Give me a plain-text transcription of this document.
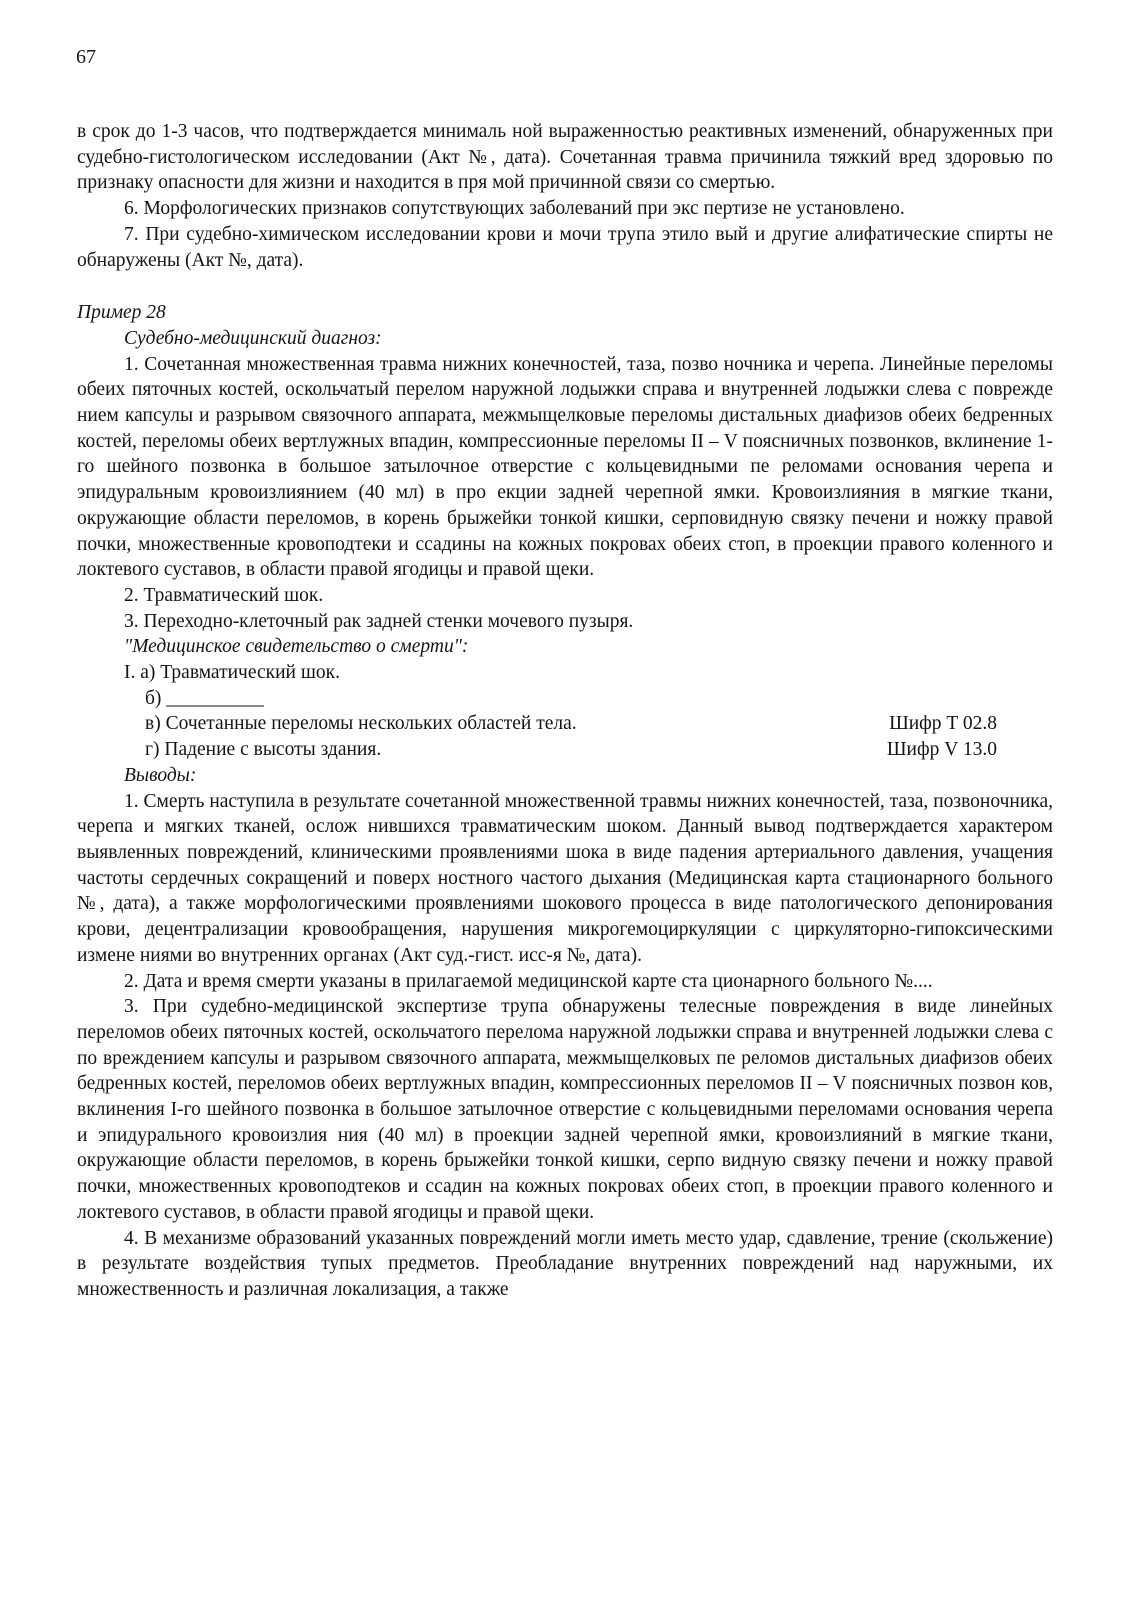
67

в срок до 1-3 часов, что подтверждается минималь ной выраженностью реактивных изменений, обнаруженных при судебно-гистологическом исследовании (Акт №, дата). Сочетанная травма причинила тяжкий вред здоровью по признаку опасности для жизни и находится в пря мой причинной связи со смертью.

6. Морфологических признаков сопутствующих заболеваний при экс пертизе не установлено.

7. При судебно-химическом исследовании крови и мочи трупа этило вый и другие алифатические спирты не обнаружены (Акт №, дата).

Пример 28

Судебно-медицинский диагноз:

1. Сочетанная множественная травма нижних конечностей, таза, позво ночника и черепа. Линейные переломы обеих пяточных костей, оскольчатый перелом наружной лодыжки справа и внутренней лодыжки слева с поврежде нием капсулы и разрывом связочного аппарата, межмыщелковые переломы дистальных диафизов обеих бедренных костей, переломы обеих вертлужных впадин, компрессионные переломы II – V поясничных позвонков, вклинение 1-го шейного позвонка в большое затылочное отверстие с кольцевидными пе реломами основания черепа и эпидуральным кровоизлиянием (40 мл) в про екции задней черепной ямки. Кровоизлияния в мягкие ткани, окружающие области переломов, в корень брыжейки тонкой кишки, серповидную связку печени и ножку правой почки, множественные кровоподтеки и ссадины на кожных покровах обеих стоп, в проекции правого коленного и локтевого суставов, в области правой ягодицы и правой щеки.

2. Травматический шок.

3. Переходно-клеточный рак задней стенки мочевого пузыря.

"Медицинское свидетельство о смерти":

I. а) Травматический шок.

б) __________

в) Сочетанные переломы нескольких областей тела.	Шифр T 02.8
г) Падение с высоты здания.	Шифр V 13.0

Выводы:

1. Смерть наступила в результате сочетанной множественной травмы нижних конечностей, таза, позвоночника, черепа и мягких тканей, ослож нившихся травматическим шоком. Данный вывод подтверждается характером выявленных повреждений, клиническими проявлениями шока в виде падения артериального давления, учащения частоты сердечных сокращений и поверх ностного частого дыхания (Медицинская карта стационарного больного №, дата), а также морфологическими проявлениями шокового процесса в виде патологического депонирования крови, децентрализации кровообращения, нарушения микрогемоциркуляции с циркуляторно-гипоксическими измене ниями во внутренних органах (Акт суд.-гист. исс-я №, дата).

2. Дата и время смерти указаны в прилагаемой медицинской карте ста ционарного больного №....

3. При судебно-медицинской экспертизе трупа обнаружены телесные повреждения в виде линейных переломов обеих пяточных костей, оскольчатого перелома наружной лодыжки справа и внутренней лодыжки слева с по вреждением капсулы и разрывом связочного аппарата, межмыщелковых пе реломов дистальных диафизов обеих бедренных костей, переломов обеих вертлужных впадин, компрессионных переломов II – V поясничных позвон ков, вклинения I-го шейного позвонка в большое затылочное отверстие с кольцевидными переломами основания черепа и эпидурального кровоизлия ния (40 мл) в проекции задней черепной ямки, кровоизлияний в мягкие ткани, окружающие области переломов, в корень брыжейки тонкой кишки, серпо видную связку печени и ножку правой почки, множественных кровоподтеков и ссадин на кожных покровах обеих стоп, в проекции правого коленного и локтевого суставов, в области правой ягодицы и правой щеки.

4. В механизме образований указанных повреждений могли иметь место удар, сдавление, трение (скольжение) в результате воздействия тупых предметов. Преобладание внутренних повреждений над наружными, их множественность и различная локализация, а также
